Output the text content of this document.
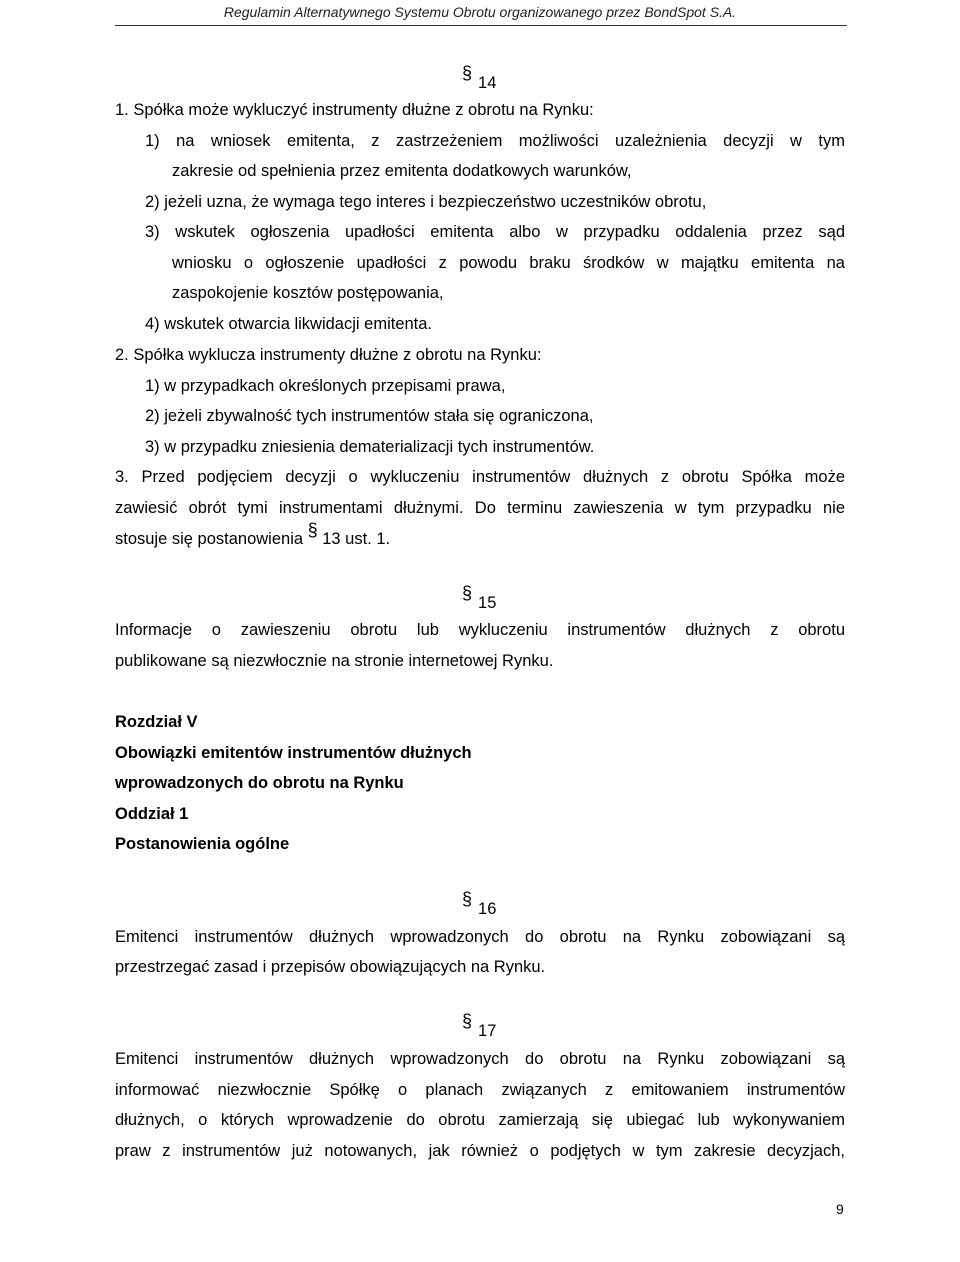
Regulamin Alternatywnego Systemu Obrotu organizowanego przez BondSpot S.A.
§ 14
1. Spółka może wykluczyć instrumenty dłużne z obrotu na Rynku:
1) na wniosek emitenta, z zastrzeżeniem możliwości uzależnienia decyzji w tym
zakresie od spełnienia przez emitenta dodatkowych warunków,
2) jeżeli uzna, że wymaga tego interes i bezpieczeństwo uczestników obrotu,
3) wskutek ogłoszenia upadłości emitenta albo w przypadku oddalenia przez sąd
wniosku o ogłoszenie upadłości z powodu braku środków w majątku emitenta na
zaspokojenie kosztów postępowania,
4) wskutek otwarcia likwidacji emitenta.
2. Spółka wyklucza instrumenty dłużne z obrotu na Rynku:
1) w przypadkach określonych przepisami prawa,
2) jeżeli zbywalność tych instrumentów stała się ograniczona,
3) w przypadku zniesienia dematerializacji tych instrumentów.
3. Przed podjęciem decyzji o wykluczeniu instrumentów dłużnych z obrotu Spółka może
zawiesić obrót tymi instrumentami dłużnymi. Do terminu zawieszenia w tym przypadku nie
stosuje się postanowienia § 13 ust. 1.
§ 15
Informacje o zawieszeniu obrotu lub wykluczeniu instrumentów dłużnych z obrotu
publikowane są niezwłocznie na stronie internetowej Rynku.
Rozdział V
Obowiązki emitentów instrumentów dłużnych
wprowadzonych do obrotu na Rynku
Oddział 1
Postanowienia ogólne
§ 16
Emitenci instrumentów dłużnych wprowadzonych do obrotu na Rynku zobowiązani są
przestrzegać zasad i przepisów obowiązujących na Rynku.
§ 17
Emitenci instrumentów dłużnych wprowadzonych do obrotu na Rynku zobowiązani są
informować niezwłocznie Spółkę o planach związanych z emitowaniem instrumentów
dłużnych, o których wprowadzenie do obrotu zamierzają się ubiegać lub wykonywaniem
praw z instrumentów już notowanych, jak również o podjętych w tym zakresie decyzjach,
9
